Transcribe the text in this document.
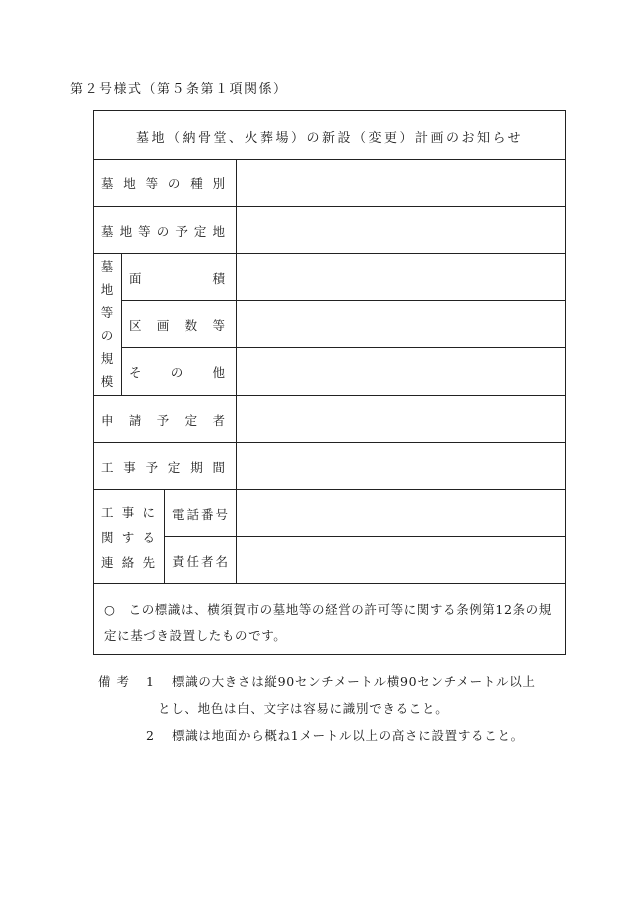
第２号様式（第５条第１項関係）
墓地（納骨堂、火葬場）の新設（変更）計画のお知らせ
墓 地 等 の 種 別
墓 地 等 の 予 定 地
墓
地
等
の
規
模
面	積
区 画 数 等
そ の 他
申 請 予 定 者
工 事 予 定 期 間
工 事 に
関 す る
連 絡 先
電 話 番 号
責 任 者 名
○　この標識は、横須賀市の墓地等の経営の許可等に関する条例第12条の規定に基づき設置したものです。
備考 1 標識の大きさは縦90センチメートル横90センチメートル以上
とし、地色は白、文字は容易に識別できること。
2 標識は地面から概ね1メートル以上の高さに設置すること。
